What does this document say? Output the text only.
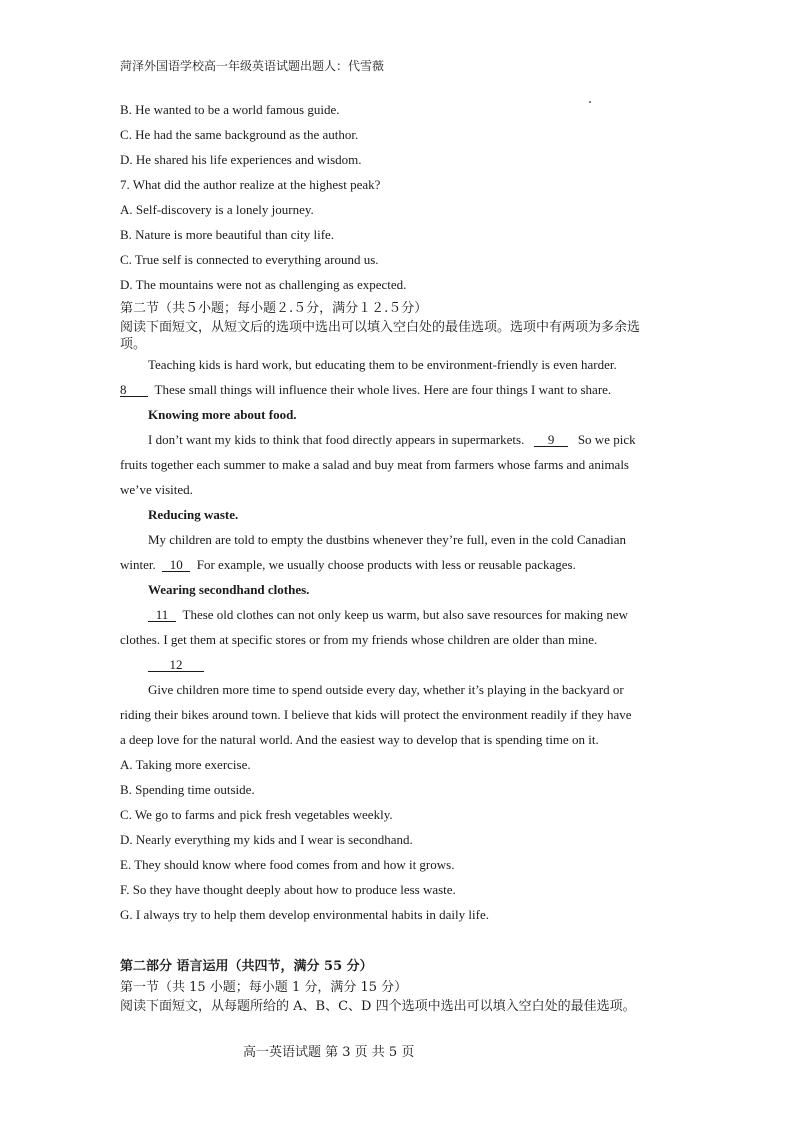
菏泽外国语学校高一年级英语试题出题人：代雪薇
B. He wanted to be a world famous guide.
C. He had the same background as the author.
D. He shared his life experiences and wisdom.
7. What did the author realize at the highest peak?
A. Self-discovery is a lonely journey.
B. Nature is more beautiful than city life.
C. True self is connected to everything around us.
D. The mountains were not as challenging as expected.
第二节（共５小题；每小题２.５分，满分１２.５分）
阅读下面短文，从短文后的选项中选出可以填入空白处的最佳选项。选项中有两项为多余选
项。
Teaching kids is hard work, but educating them to be environment-friendly is even harder.
8 These small things will influence their whole lives. Here are four things I want to share.
Knowing more about food.
I don’t want my kids to think that food directly appears in supermarkets. 9 So we pick
fruits together each summer to make a salad and buy meat from farmers whose farms and animals
we’ve visited.
Reducing waste.
My children are told to empty the dustbins whenever they’re full, even in the cold Canadian
winter. 10 For example, we usually choose products with less or reusable packages.
Wearing secondhand clothes.
11 These old clothes can not only keep us warm, but also save resources for making new
clothes. I get them at specific stores or from my friends whose children are older than mine.
12
Give children more time to spend outside every day, whether it’s playing in the backyard or
riding their bikes around town. I believe that kids will protect the environment readily if they have
a deep love for the natural world. And the easiest way to develop that is spending time on it.
A. Taking more exercise.
B. Spending time outside.
C. We go to farms and pick fresh vegetables weekly.
D. Nearly everything my kids and I wear is secondhand.
E. They should know where food comes from and how it grows.
F. So they have thought deeply about how to produce less waste.
G. I always try to help them develop environmental habits in daily life.
第二部分 语言运用（共四节，满分 55 分）
第一节（共 15 小题；每小题 1 分，满分 15 分）
阅读下面短文，从每题所给的 A、B、C、D 四个选项中选出可以填入空白处的最佳选项。
高一英语试题 第 3 页 共 5 页
